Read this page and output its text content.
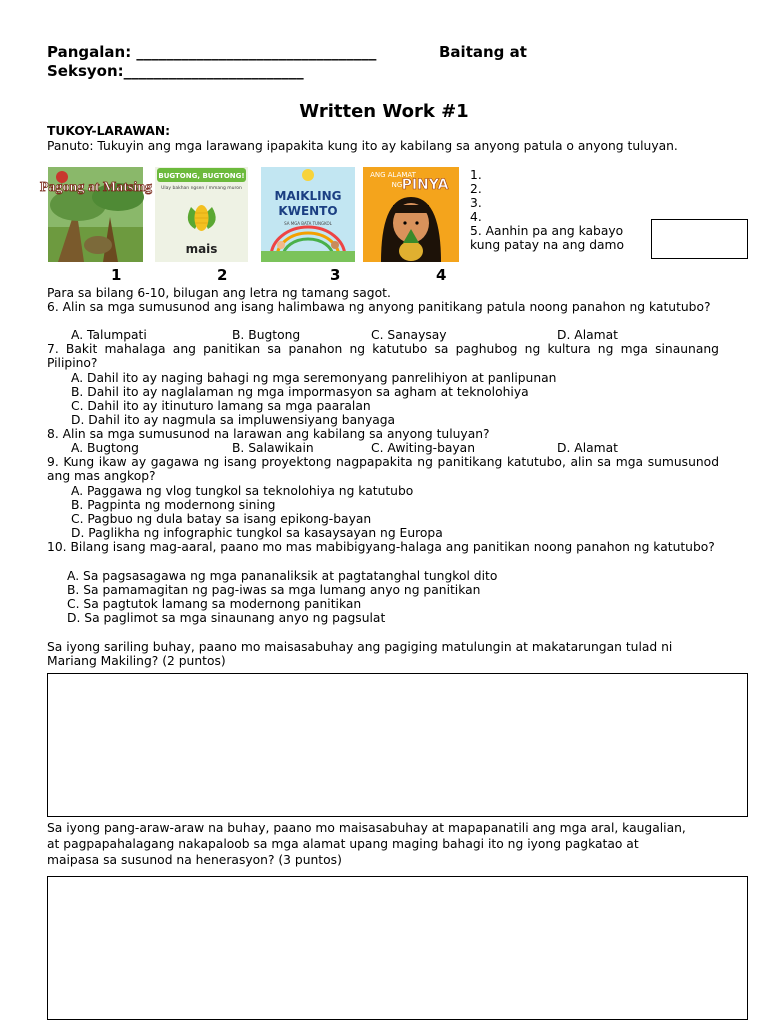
Pangalan: ________________________________	Baitang at
Seksyon:________________________
Written Work #1
TUKOY-LARAWAN:
Panuto: Tukuyin ang mga larawang ipapakita kung ito ay kabilang sa anyong patula o anyong tuluyan.
Pagong at Matsing
BUGTONG, BUGTONG!
Ulay bakhan ngsen / mmang muron
mais
MAIKLING
KWENTO
SA MGA BATA TUNGKOL
ANG ALAMAT
NG PINYA
1	2	3	4
1.
2.
3.
4.
5. Aanhin pa ang kabayo
kung patay na ang damo
Para sa bilang 6-10, bilugan ang letra ng tamang sagot.
6. Alin sa mga sumusunod ang isang halimbawa ng anyong panitikang patula noong panahon ng katutubo?
A. Talumpati	B. Bugtong	C. Sanaysay	D. Alamat
7. Bakit mahalaga ang panitikan sa panahon ng katutubo sa paghubog ng kultura ng mga sinaunang Pilipino?
A. Dahil ito ay naging bahagi ng mga seremonyang panrelihiyon at panlipunan
B. Dahil ito ay naglalaman ng mga impormasyon sa agham at teknolohiya
C. Dahil ito ay itinuturo lamang sa mga paaralan
D. Dahil ito ay nagmula sa impluwensiyang banyaga
8. Alin sa mga sumusunod na larawan ang kabilang sa anyong tuluyan?
A. Bugtong	B. Salawikain	C. Awiting-bayan	D. Alamat
9. Kung ikaw ay gagawa ng isang proyektong nagpapakita ng panitikang katutubo, alin sa mga sumusunod ang mas angkop?
A. Paggawa ng vlog tungkol sa teknolohiya ng katutubo
B. Pagpinta ng modernong sining
C. Pagbuo ng dula batay sa isang epikong-bayan
D. Paglikha ng infographic tungkol sa kasaysayan ng Europa
10. Bilang isang mag-aaral, paano mo mas mabibigyang-halaga ang panitikan noong panahon ng katutubo?
A. Sa pagsasagawa ng mga pananaliksik at pagtatanghal tungkol dito
B. Sa pamamagitan ng pag-iwas sa mga lumang anyo ng panitikan
C. Sa pagtutok lamang sa modernong panitikan
D. Sa paglimot sa mga sinaunang anyo ng pagsulat
Sa iyong sariling buhay, paano mo maisasabuhay ang pagiging matulungin at makatarungan tulad ni
Mariang Makiling? (2 puntos)
Sa iyong pang-araw-araw na buhay, paano mo maisasabuhay at mapapanatili ang mga aral, kaugalian,
at pagpapahalagang nakapaloob sa mga alamat upang maging bahagi ito ng iyong pagkatao at
maipasa sa susunod na henerasyon? (3 puntos)
